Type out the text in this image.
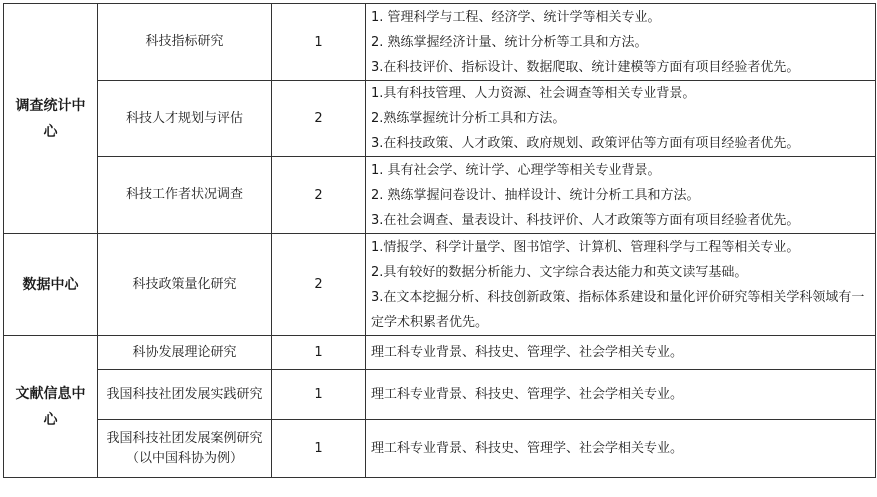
调查统计中心	科技指标研究	1	1. 管理科学与工程、经济学、统计学等相关专业。
2. 熟练掌握经济计量、统计分析等工具和方法。
3.在科技评价、指标设计、数据爬取、统计建模等方面有项目经验者优先。

	科技人才规划与评估	2	1.具有科技管理、人力资源、社会调查等相关专业背景。
2.熟练掌握统计分析工具和方法。
3.在科技政策、人才政策、政府规划、政策评估等方面有项目经验者优先。

	科技工作者状况调查	2	1. 具有社会学、统计学、心理学等相关专业背景。
2. 熟练掌握问卷设计、抽样设计、统计分析工具和方法。
3.在社会调查、量表设计、科技评价、人才政策等方面有项目经验者优先。

数据中心	科技政策量化研究	2	1.情报学、科学计量学、图书馆学、计算机、管理科学与工程等相关专业。
2.具有较好的数据分析能力、文字综合表达能力和英文读写基础。
3.在文本挖掘分析、科技创新政策、指标体系建设和量化评价研究等相关学科领域有一定学术积累者优先。

文献信息中心	科协发展理论研究	1	理工科专业背景、科技史、管理学、社会学相关专业。

	我国科技社团发展实践研究	1	理工科专业背景、科技史、管理学、社会学相关专业。

	我国科技社团发展案例研究（以中国科协为例）	1	理工科专业背景、科技史、管理学、社会学相关专业。
